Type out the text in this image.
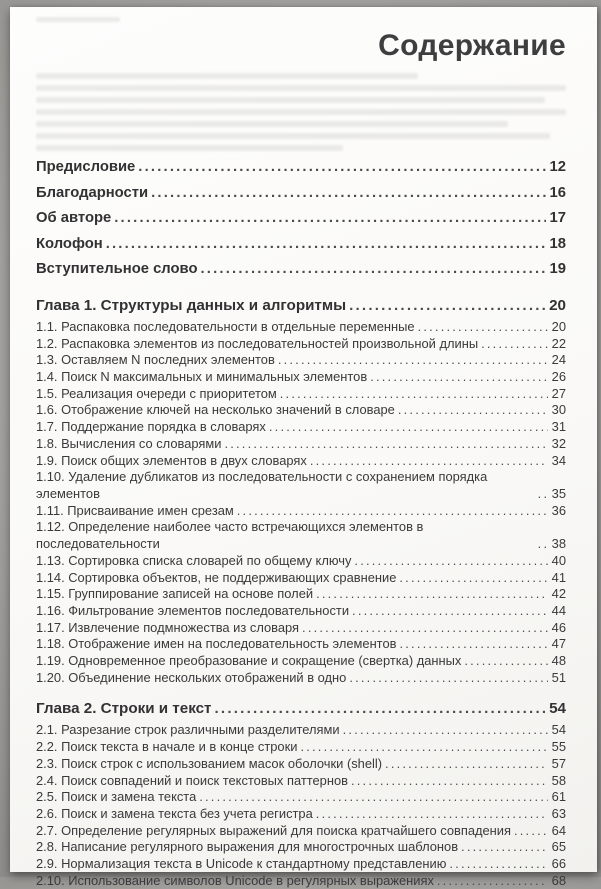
Содержание
Предисловие .....	12
Благодарности .....	16
Об авторе .....	17
Колофон .....	18
Вступительное слово .....	19
Глава 1. Структуры данных и алгоритмы .....	20
1.1. Распаковка последовательности в отдельные переменные .....	20
1.2. Распаковка элементов из последовательностей произвольной длины .....	22
1.3. Оставляем N последних элементов .....	24
1.4. Поиск N максимальных и минимальных элементов .....	26
1.5. Реализация очереди с приоритетом .....	27
1.6. Отображение ключей на несколько значений в словаре .....	30
1.7. Поддержание порядка в словарях .....	31
1.8. Вычисления со словарями .....	32
1.9. Поиск общих элементов в двух словарях .....	34
1.10. Удаление дубликатов из последовательности с сохранением порядка элементов .....	35
1.11. Присваивание имен срезам .....	36
1.12. Определение наиболее часто встречающихся элементов в последовательности .....	38
1.13. Сортировка списка словарей по общему ключу .....	40
1.14. Сортировка объектов, не поддерживающих сравнение .....	41
1.15. Группирование записей на основе полей .....	42
1.16. Фильтрование элементов последовательности .....	44
1.17. Извлечение подмножества из словаря .....	46
1.18. Отображение имен на последовательность элементов .....	47
1.19. Одновременное преобразование и сокращение (свертка) данных .....	48
1.20. Объединение нескольких отображений в одно .....	51
Глава 2. Строки и текст .....	54
2.1. Разрезание строк различными разделителями .....	54
2.2. Поиск текста в начале и в конце строки .....	55
2.3. Поиск строк с использованием масок оболочки (shell) .....	57
2.4. Поиск совпадений и поиск текстовых паттернов .....	58
2.5. Поиск и замена текста .....	61
2.6. Поиск и замена текста без учета регистра .....	63
2.7. Определение регулярных выражений для поиска кратчайшего совпадения .....	64
2.8. Написание регулярного выражения для многострочных шаблонов .....	65
2.9. Нормализация текста в Unicode к стандартному представлению .....	66
2.10. Использование символов Unicode в регулярных выражениях .....	68
